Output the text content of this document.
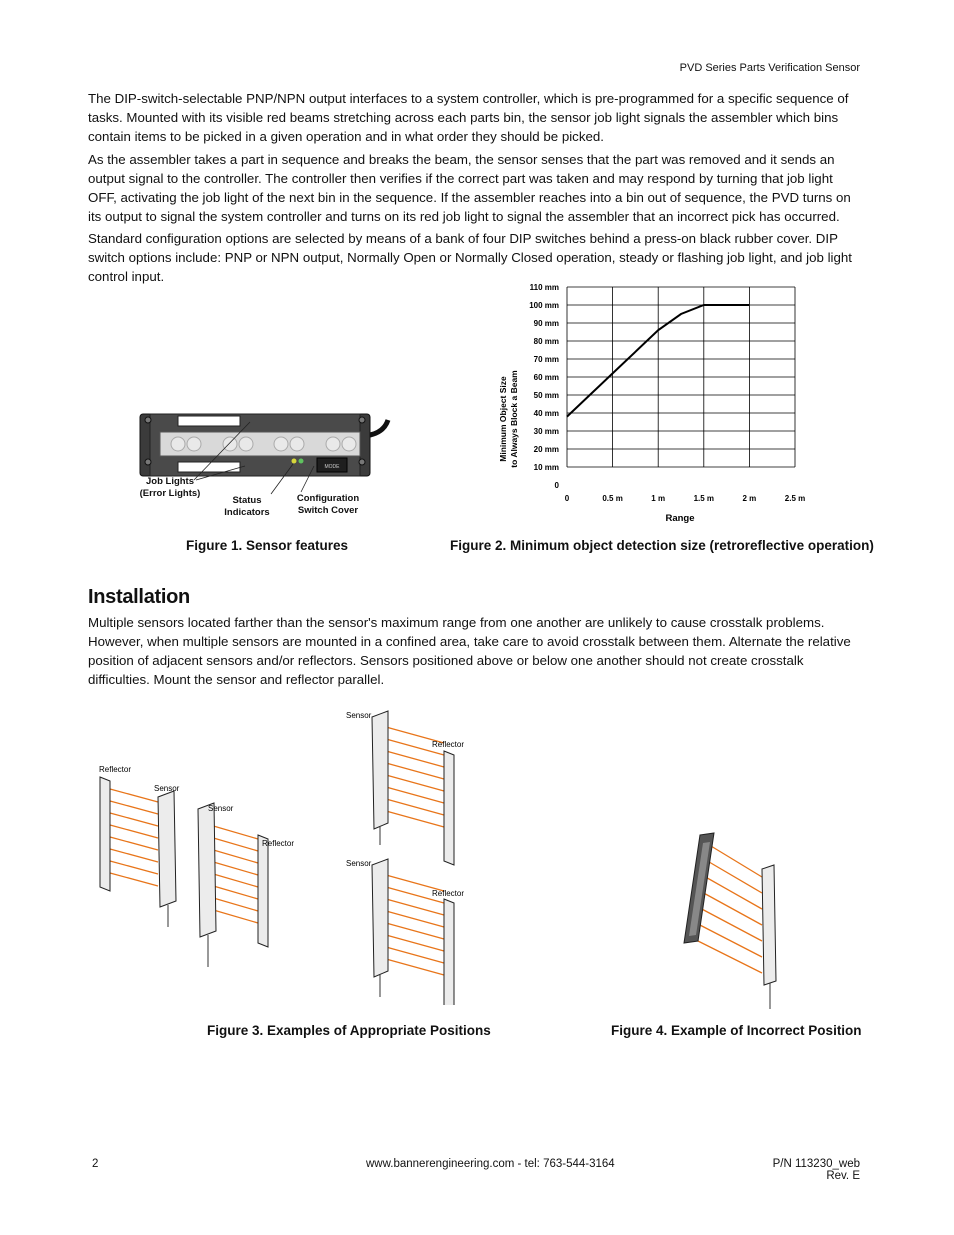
PVD Series Parts Verification Sensor

The DIP-switch-selectable PNP/NPN output interfaces to a system controller, which is pre-programmed for a specific sequence of tasks. Mounted with its visible red beams stretching across each parts bin, the sensor job light signals the assembler which bins contain items to be picked in a given operation and in what order they should be picked.

As the assembler takes a part in sequence and breaks the beam, the sensor senses that the part was removed and it sends an output signal to the controller. The controller then verifies if the correct part was taken and may respond by turning that job light OFF, activating the job light of the next bin in the sequence. If the assembler reaches into a bin out of sequence, the PVD turns on its output to signal the system controller and turns on its red job light to signal the assembler that an incorrect pick has occurred.

Standard configuration options are selected by means of a bank of four DIP switches behind a press-on black rubber cover. DIP switch options include: PNP or NPN output, Normally Open or Normally Closed operation, steady or flashing job light, and job light control input.

MODE
Job Lights
(Error Lights)
Status
Indicators
Configuration
Switch Cover
Figure 1. Sensor features
0
10 mm
20 mm
30 mm
40 mm
50 mm
60 mm
70 mm
80 mm
90 mm
100 mm
110 mm
0	0.5 m	1 m	1.5 m	2 m	2.5 m
Range
Minimum Object Size to Always Block a Beam
Figure 2. Minimum object detection size (retroreflective operation)
Installation

Multiple sensors located farther than the sensor's maximum range from one another are unlikely to cause crosstalk problems. However, when multiple sensors are mounted in a confined area, take care to avoid crosstalk between them. Alternate the relative position of adjacent sensors and/or reflectors. Sensors positioned above or below one another should not create crosstalk difficulties. Mount the sensor and reflector parallel.

Reflector
Sensor
Sensor
Reflector
Sensor
Reflector
Sensor
Reflector
Figure 3. Examples of Appropriate Positions	Figure 4. Example of Incorrect Position
2	www.bannerengineering.com - tel: 763-544-3164	P/N 113230_web
Rev. E
